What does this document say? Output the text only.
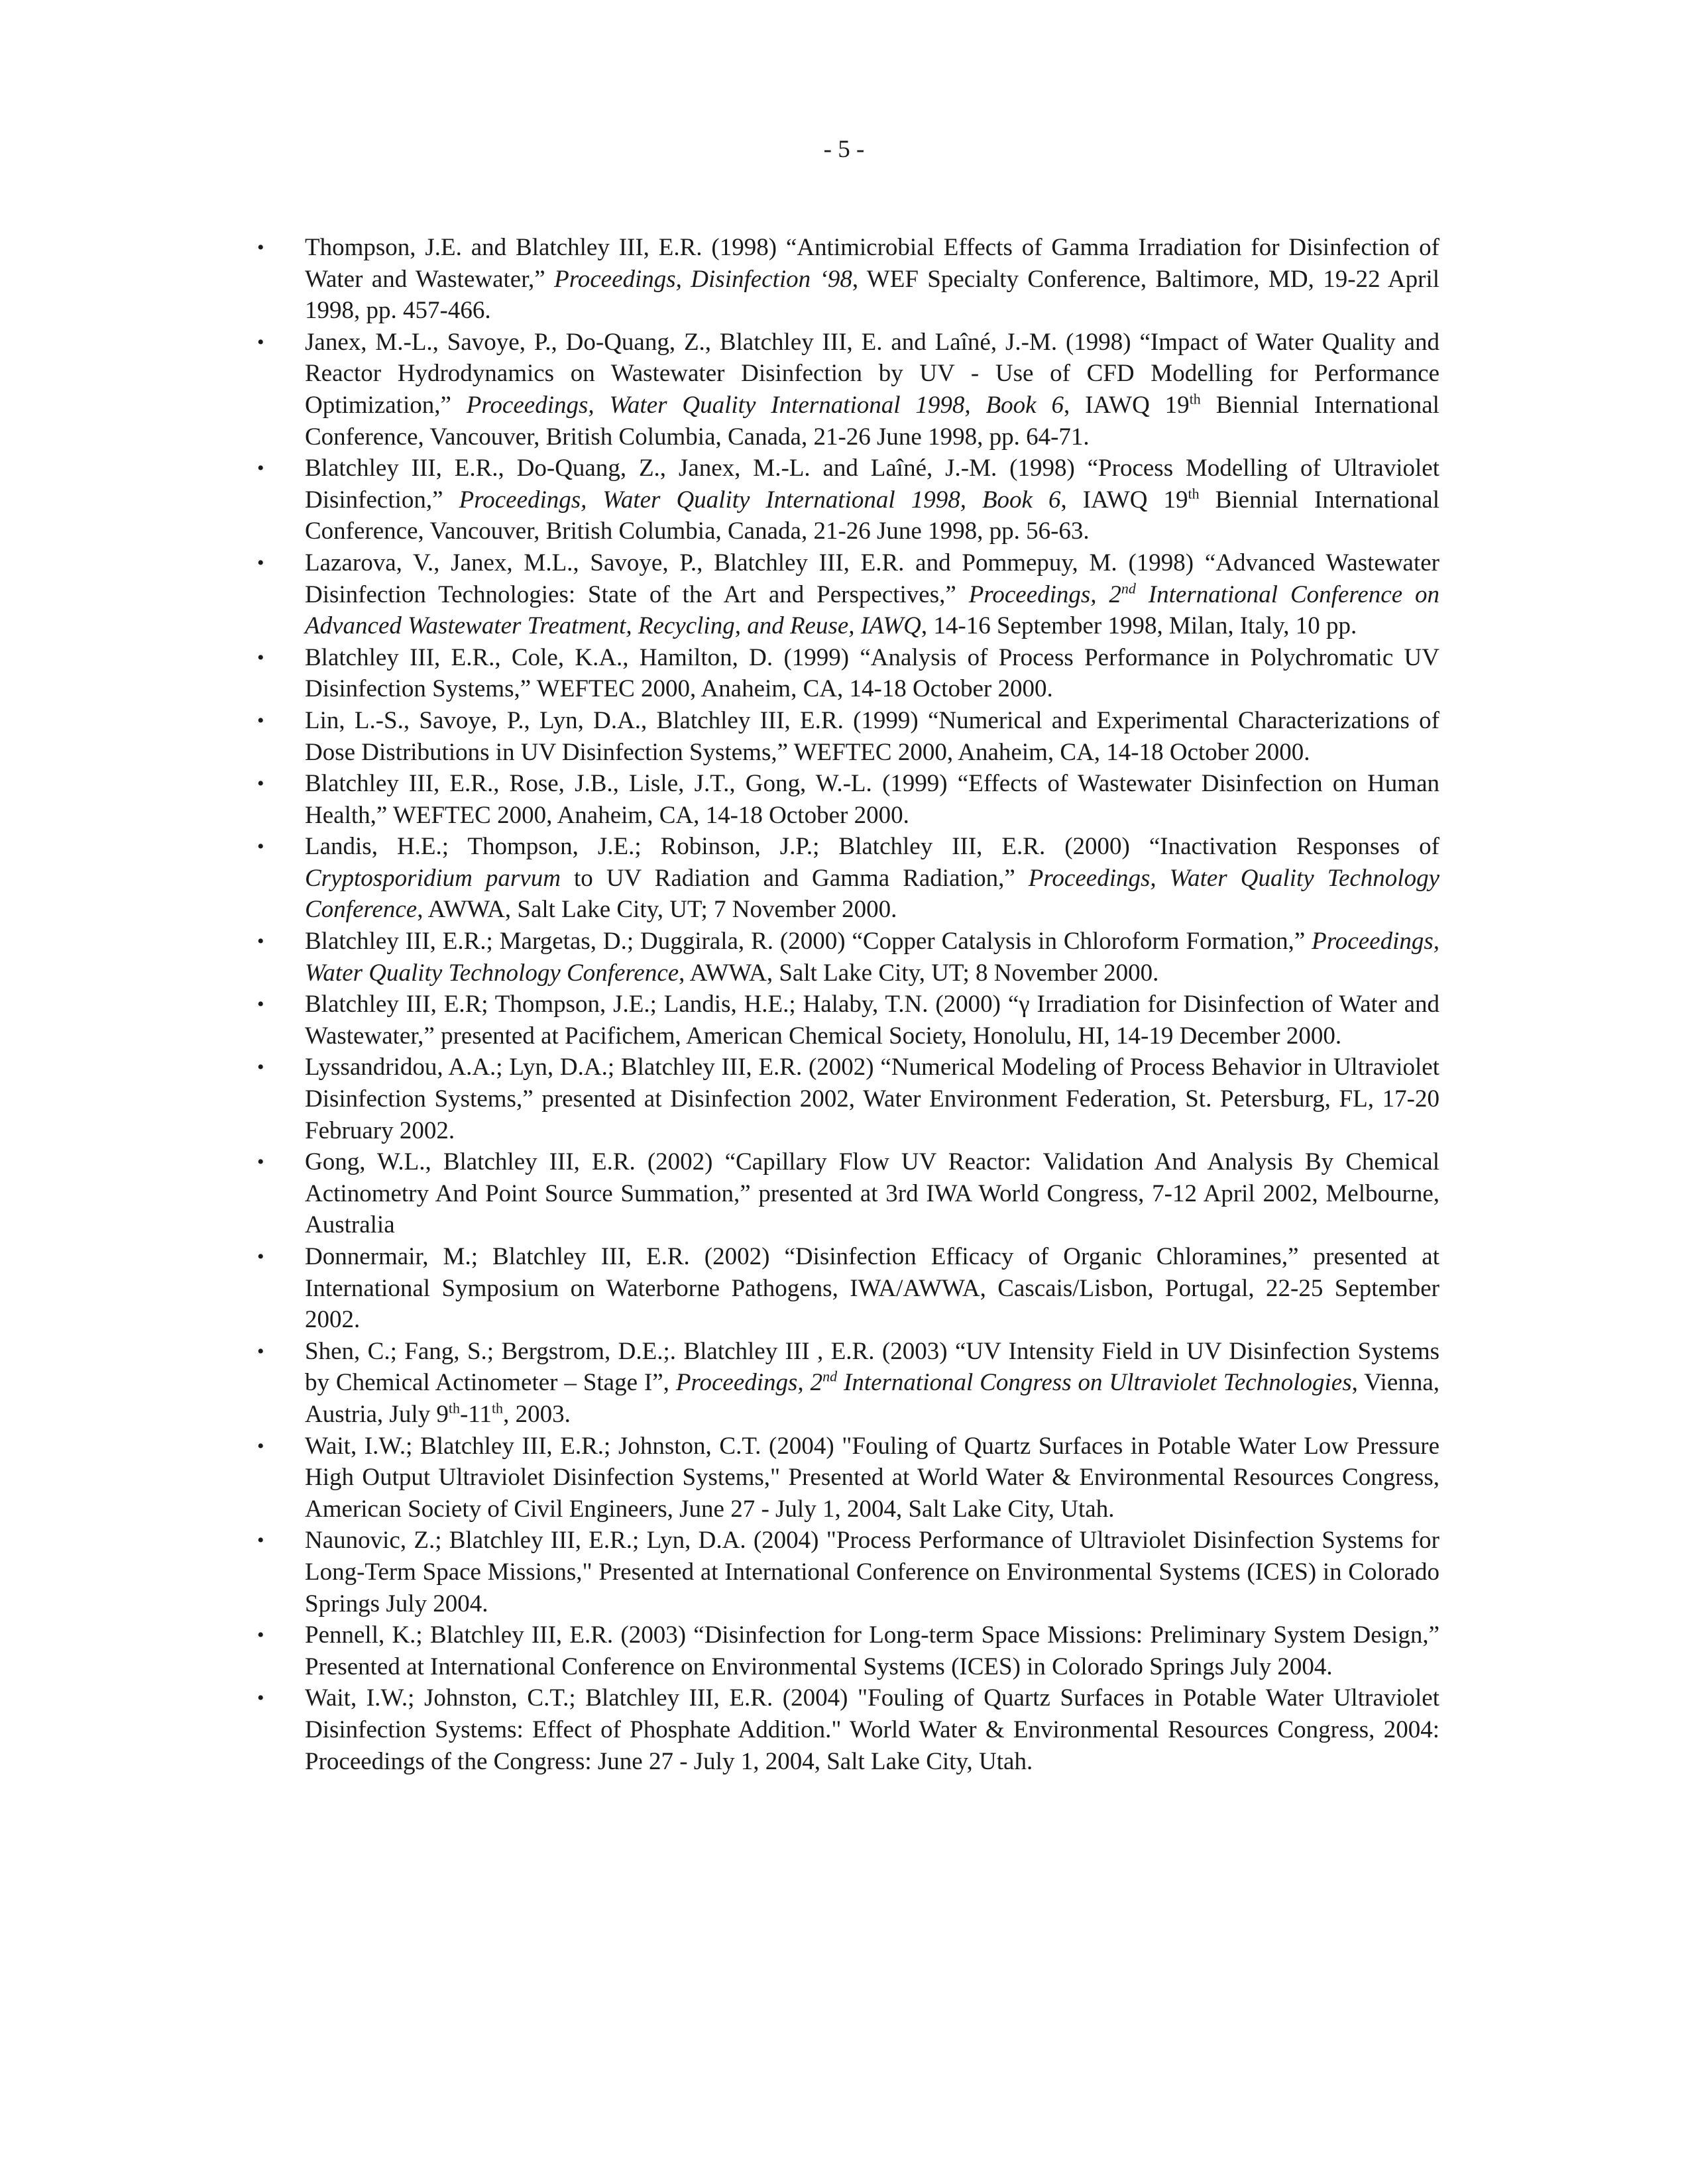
- 5 -
• Thompson, J.E. and Blatchley III, E.R. (1998) “Antimicrobial Effects of Gamma Irradiation for Disinfection of Water and Wastewater,” Proceedings, Disinfection ‘98, WEF Specialty Conference, Baltimore, MD, 19-22 April 1998, pp. 457-466.
• Janex, M.-L., Savoye, P., Do-Quang, Z., Blatchley III, E. and Laîné, J.-M. (1998) “Impact of Water Quality and Reactor Hydrodynamics on Wastewater Disinfection by UV - Use of CFD Modelling for Performance Optimization,” Proceedings, Water Quality International 1998, Book 6, IAWQ 19th Biennial International Conference, Vancouver, British Columbia, Canada, 21-26 June 1998, pp. 64-71.
• Blatchley III, E.R., Do-Quang, Z., Janex, M.-L. and Laîné, J.-M. (1998) “Process Modelling of Ultraviolet Disinfection,” Proceedings, Water Quality International 1998, Book 6, IAWQ 19th Biennial International Conference, Vancouver, British Columbia, Canada, 21-26 June 1998, pp. 56-63.
• Lazarova, V., Janex, M.L., Savoye, P., Blatchley III, E.R. and Pommepuy, M. (1998) “Advanced Wastewater Disinfection Technologies: State of the Art and Perspectives,” Proceedings, 2nd International Conference on Advanced Wastewater Treatment, Recycling, and Reuse, IAWQ, 14-16 September 1998, Milan, Italy, 10 pp.
• Blatchley III, E.R., Cole, K.A., Hamilton, D. (1999) “Analysis of Process Performance in Polychromatic UV Disinfection Systems,” WEFTEC 2000, Anaheim, CA, 14-18 October 2000.
• Lin, L.-S., Savoye, P., Lyn, D.A., Blatchley III, E.R. (1999) “Numerical and Experimental Characterizations of Dose Distributions in UV Disinfection Systems,” WEFTEC 2000, Anaheim, CA, 14-18 October 2000.
• Blatchley III, E.R., Rose, J.B., Lisle, J.T., Gong, W.-L. (1999) “Effects of Wastewater Disinfection on Human Health,” WEFTEC 2000, Anaheim, CA, 14-18 October 2000.
• Landis, H.E.; Thompson, J.E.; Robinson, J.P.; Blatchley III, E.R. (2000) “Inactivation Responses of Cryptosporidium parvum to UV Radiation and Gamma Radiation,” Proceedings, Water Quality Technology Conference, AWWA, Salt Lake City, UT; 7 November 2000.
• Blatchley III, E.R.; Margetas, D.; Duggirala, R. (2000) “Copper Catalysis in Chloroform Formation,” Proceedings, Water Quality Technology Conference, AWWA, Salt Lake City, UT; 8 November 2000.
• Blatchley III, E.R; Thompson, J.E.; Landis, H.E.; Halaby, T.N. (2000) “γ Irradiation for Disinfection of Water and Wastewater,” presented at Pacifichem, American Chemical Society, Honolulu, HI, 14-19 December 2000.
• Lyssandridou, A.A.; Lyn, D.A.; Blatchley III, E.R. (2002) “Numerical Modeling of Process Behavior in Ultraviolet Disinfection Systems,” presented at Disinfection 2002, Water Environment Federation, St. Petersburg, FL, 17-20 February 2002.
• Gong, W.L., Blatchley III, E.R. (2002) “Capillary Flow UV Reactor: Validation And Analysis By Chemical Actinometry And Point Source Summation,” presented at 3rd IWA World Congress, 7-12 April 2002, Melbourne, Australia
• Donnermair, M.; Blatchley III, E.R. (2002) “Disinfection Efficacy of Organic Chloramines,” presented at International Symposium on Waterborne Pathogens, IWA/AWWA, Cascais/Lisbon, Portugal, 22-25 September 2002.
• Shen, C.; Fang, S.; Bergstrom, D.E.;. Blatchley III , E.R. (2003) “UV Intensity Field in UV Disinfection Systems by Chemical Actinometer – Stage I”, Proceedings, 2nd International Congress on Ultraviolet Technologies, Vienna, Austria, July 9th-11th, 2003.
• Wait, I.W.; Blatchley III, E.R.; Johnston, C.T. (2004) "Fouling of Quartz Surfaces in Potable Water Low Pressure High Output Ultraviolet Disinfection Systems," Presented at World Water & Environmental Resources Congress, American Society of Civil Engineers, June 27 - July 1, 2004, Salt Lake City, Utah.
• Naunovic, Z.; Blatchley III, E.R.; Lyn, D.A. (2004) "Process Performance of Ultraviolet Disinfection Systems for Long-Term Space Missions," Presented at International Conference on Environmental Systems (ICES) in Colorado Springs July 2004.
• Pennell, K.; Blatchley III, E.R. (2003) “Disinfection for Long-term Space Missions: Preliminary System Design,” Presented at International Conference on Environmental Systems (ICES) in Colorado Springs July 2004.
• Wait, I.W.; Johnston, C.T.; Blatchley III, E.R. (2004) "Fouling of Quartz Surfaces in Potable Water Ultraviolet Disinfection Systems: Effect of Phosphate Addition." World Water & Environmental Resources Congress, 2004: Proceedings of the Congress: June 27 - July 1, 2004, Salt Lake City, Utah.
